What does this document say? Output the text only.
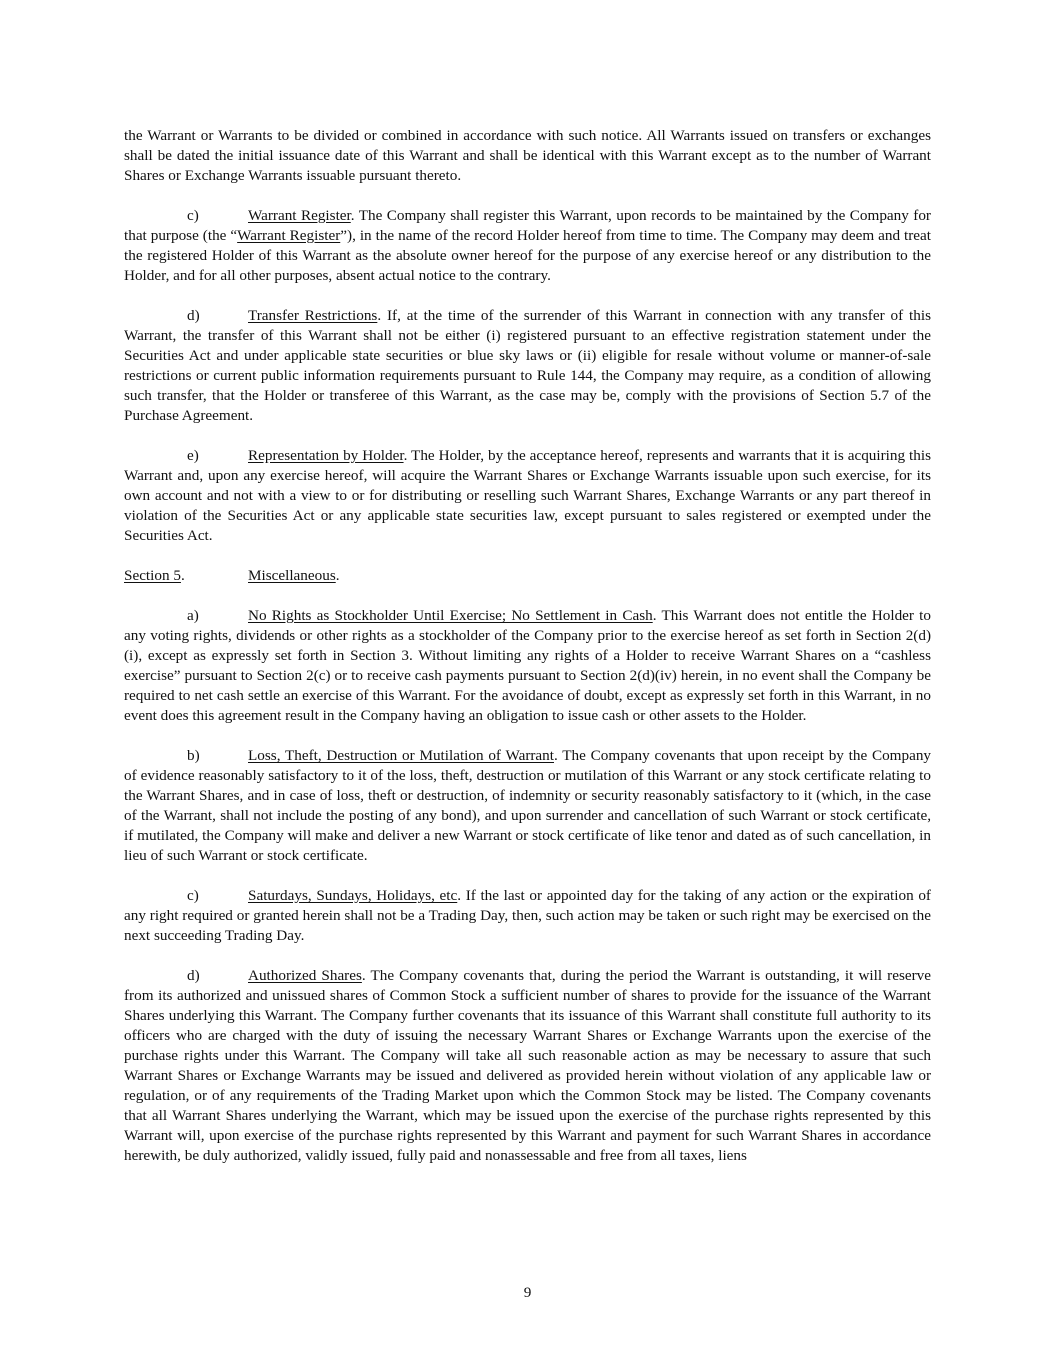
the Warrant or Warrants to be divided or combined in accordance with such notice. All Warrants issued on transfers or exchanges shall be dated the initial issuance date of this Warrant and shall be identical with this Warrant except as to the number of Warrant Shares or Exchange Warrants issuable pursuant thereto.

c)	Warrant Register. The Company shall register this Warrant, upon records to be maintained by the Company for that purpose (the “Warrant Register”), in the name of the record Holder hereof from time to time. The Company may deem and treat the registered Holder of this Warrant as the absolute owner hereof for the purpose of any exercise hereof or any distribution to the Holder, and for all other purposes, absent actual notice to the contrary.

d)	Transfer Restrictions. If, at the time of the surrender of this Warrant in connection with any transfer of this Warrant, the transfer of this Warrant shall not be either (i) registered pursuant to an effective registration statement under the Securities Act and under applicable state securities or blue sky laws or (ii) eligible for resale without volume or manner-of-sale restrictions or current public information requirements pursuant to Rule 144, the Company may require, as a condition of allowing such transfer, that the Holder or transferee of this Warrant, as the case may be, comply with the provisions of Section 5.7 of the Purchase Agreement.

e)	Representation by Holder. The Holder, by the acceptance hereof, represents and warrants that it is acquiring this Warrant and, upon any exercise hereof, will acquire the Warrant Shares or Exchange Warrants issuable upon such exercise, for its own account and not with a view to or for distributing or reselling such Warrant Shares, Exchange Warrants or any part thereof in violation of the Securities Act or any applicable state securities law, except pursuant to sales registered or exempted under the Securities Act.

Section 5.	Miscellaneous.

a)	No Rights as Stockholder Until Exercise; No Settlement in Cash. This Warrant does not entitle the Holder to any voting rights, dividends or other rights as a stockholder of the Company prior to the exercise hereof as set forth in Section 2(d)(i), except as expressly set forth in Section 3. Without limiting any rights of a Holder to receive Warrant Shares on a “cashless exercise” pursuant to Section 2(c) or to receive cash payments pursuant to Section 2(d)(iv) herein, in no event shall the Company be required to net cash settle an exercise of this Warrant. For the avoidance of doubt, except as expressly set forth in this Warrant, in no event does this agreement result in the Company having an obligation to issue cash or other assets to the Holder.

b)	Loss, Theft, Destruction or Mutilation of Warrant. The Company covenants that upon receipt by the Company of evidence reasonably satisfactory to it of the loss, theft, destruction or mutilation of this Warrant or any stock certificate relating to the Warrant Shares, and in case of loss, theft or destruction, of indemnity or security reasonably satisfactory to it (which, in the case of the Warrant, shall not include the posting of any bond), and upon surrender and cancellation of such Warrant or stock certificate, if mutilated, the Company will make and deliver a new Warrant or stock certificate of like tenor and dated as of such cancellation, in lieu of such Warrant or stock certificate.

c)	Saturdays, Sundays, Holidays, etc. If the last or appointed day for the taking of any action or the expiration of any right required or granted herein shall not be a Trading Day, then, such action may be taken or such right may be exercised on the next succeeding Trading Day.

d)	Authorized Shares. The Company covenants that, during the period the Warrant is outstanding, it will reserve from its authorized and unissued shares of Common Stock a sufficient number of shares to provide for the issuance of the Warrant Shares underlying this Warrant. The Company further covenants that its issuance of this Warrant shall constitute full authority to its officers who are charged with the duty of issuing the necessary Warrant Shares or Exchange Warrants upon the exercise of the purchase rights under this Warrant. The Company will take all such reasonable action as may be necessary to assure that such Warrant Shares or Exchange Warrants may be issued and delivered as provided herein without violation of any applicable law or regulation, or of any requirements of the Trading Market upon which the Common Stock may be listed. The Company covenants that all Warrant Shares underlying the Warrant, which may be issued upon the exercise of the purchase rights represented by this Warrant will, upon exercise of the purchase rights represented by this Warrant and payment for such Warrant Shares in accordance herewith, be duly authorized, validly issued, fully paid and nonassessable and free from all taxes, liens

9
